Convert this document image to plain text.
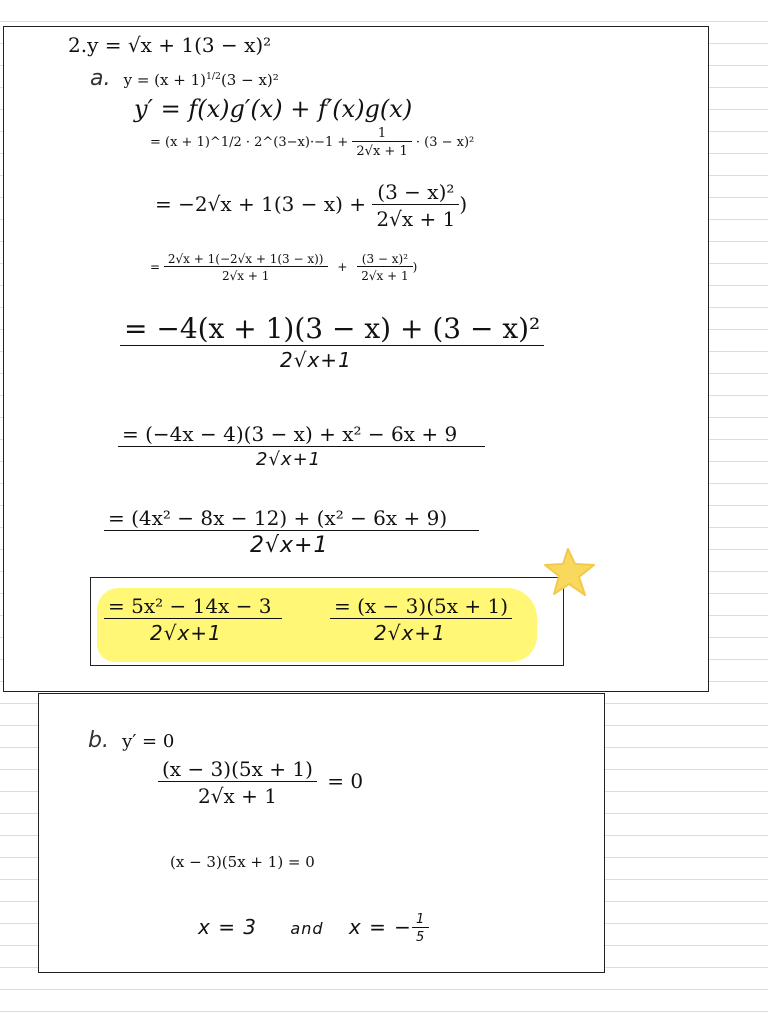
2.y = √x + 1(3 − x)²
a. $y = (x + 1)^{1/2}(3 - x)^2$
y′ = f(x)g′(x) + f′(x)g(x)
= (x + 1)^1/2 · 2^(3−x)·−1 + $\frac{1}{2√x + 1} \cdot (3 - x)^2$
= $-2√x + 1(3 - x) + \frac{\text{(3 − x)²}}{2√x + 1}$ )
= $\frac{2√x + 1(-2√x + 1(3 - x))}{2√x + 1} + \frac{\text{(3 − x)²}}{2√x + 1}$ )
$\frac{\text{= −4(x + 1)(3 − x) + (3 − x)²}}{2√x+1}$
$\frac{\text{= (−4x − 4)(3 − x) + x² − 6x + 9}}{2√x+1}$
$\frac{\text{= (4x² − 8x − 12) + (x² − 6x + 9)}}{2√x+1}$
$\frac{\text{= 5x² − 14x − 3}}{2√x+1} \frac{= (x - 3)(5x + 1)}{2√x+1}$
b. y′ = 0
$\frac{(x - 3)(5x + 1)}{2√x + 1} = 0$
(x − 3)(5x + 1) = 0
x = 3 and x = − $\frac{1}{5}$
